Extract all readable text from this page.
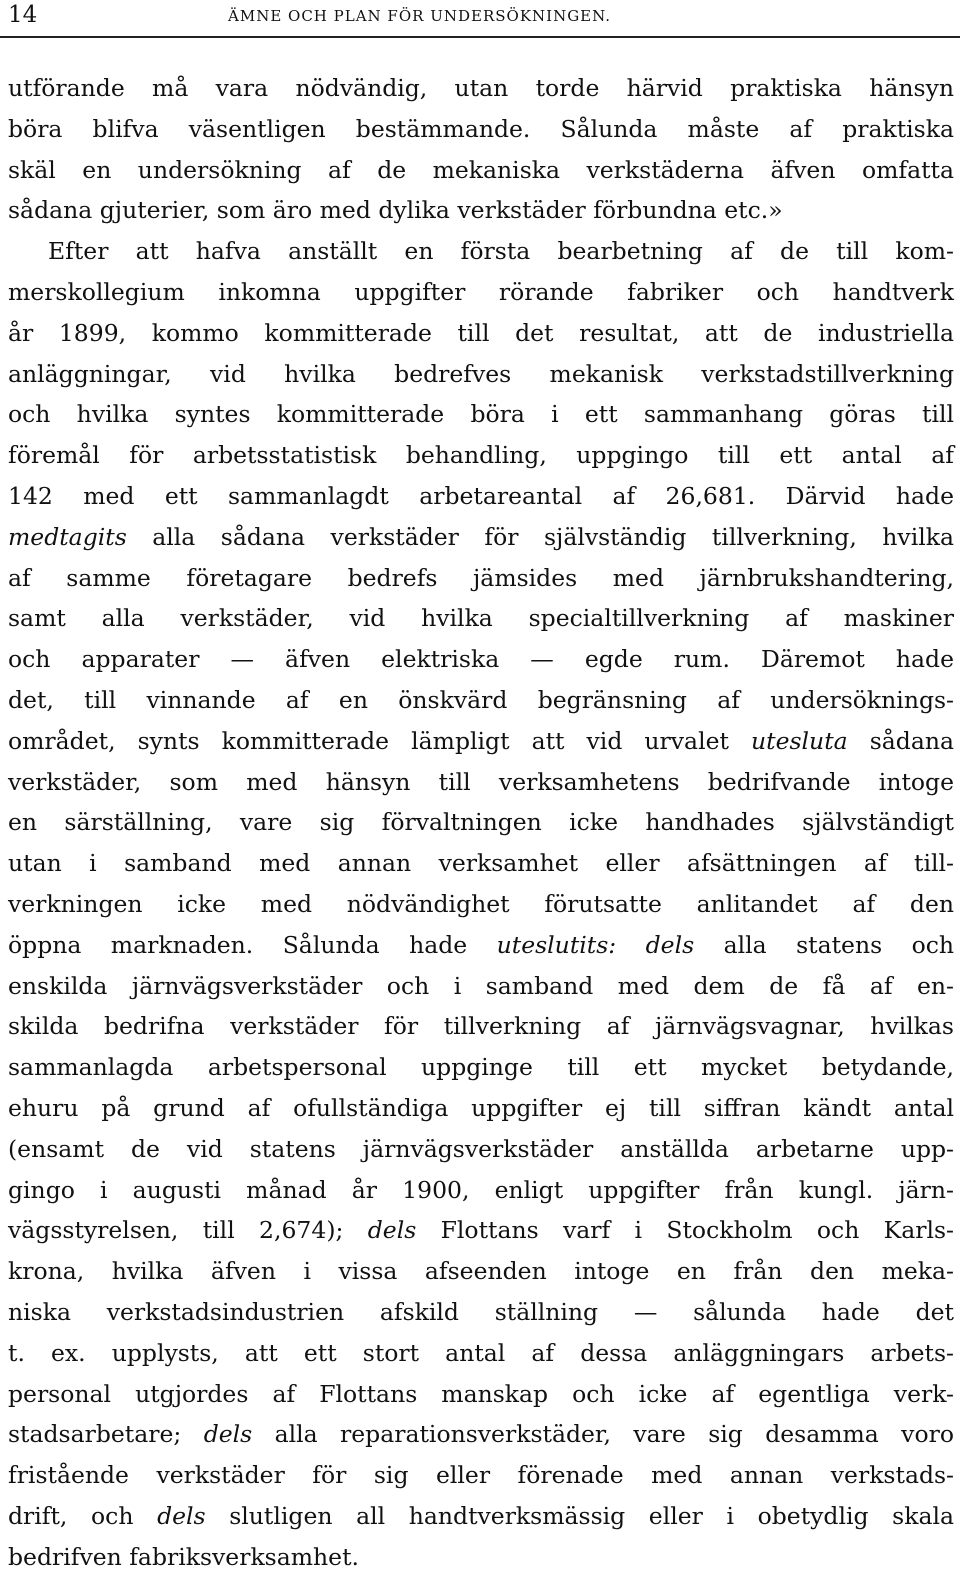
14	ÄMNE OCH PLAN FÖR UNDERSÖKNINGEN.
utförande må vara nödvändig, utan torde härvid praktiska hänsyn
böra blifva väsentligen bestämmande. Sålunda måste af praktiska
skäl en undersökning af de mekaniska verkstäderna äfven omfatta
sådana gjuterier, som äro med dylika verkstäder förbundna etc.»
Efter att hafva anställt en första bearbetning af de till kom-
merskollegium inkomna uppgifter rörande fabriker och handtverk
år 1899, kommo kommitterade till det resultat, att de industriella
anläggningar, vid hvilka bedrefves mekanisk verkstadstillverkning
och hvilka syntes kommitterade böra i ett sammanhang göras till
föremål för arbetsstatistisk behandling, uppgingo till ett antal af
142 med ett sammanlagdt arbetareantal af 26,681. Därvid hade
medtagits alla sådana verkstäder för självständig tillverkning, hvilka
af samme företagare bedrefs jämsides med järnbrukshandtering,
samt alla verkstäder, vid hvilka specialtillverkning af maskiner
och apparater — äfven elektriska — egde rum. Däremot hade
det, till vinnande af en önskvärd begränsning af undersöknings-
området, synts kommitterade lämpligt att vid urvalet utesluta sådana
verkstäder, som med hänsyn till verksamhetens bedrifvande intoge
en särställning, vare sig förvaltningen icke handhades självständigt
utan i samband med annan verksamhet eller afsättningen af till-
verkningen icke med nödvändighet förutsatte anlitandet af den
öppna marknaden. Sålunda hade uteslutits: dels alla statens och
enskilda järnvägsverkstäder och i samband med dem de få af en-
skilda bedrifna verkstäder för tillverkning af järnvägsvagnar, hvilkas
sammanlagda arbetspersonal uppginge till ett mycket betydande,
ehuru på grund af ofullständiga uppgifter ej till siffran kändt antal
(ensamt de vid statens järnvägsverkstäder anställda arbetarne upp-
gingo i augusti månad år 1900, enligt uppgifter från kungl. järn-
vägsstyrelsen, till 2,674); dels Flottans varf i Stockholm och Karls-
krona, hvilka äfven i vissa afseenden intoge en från den meka-
niska verkstadsindustrien afskild ställning — sålunda hade det
t. ex. upplysts, att ett stort antal af dessa anläggningars arbets-
personal utgjordes af Flottans manskap och icke af egentliga verk-
stadsarbetare; dels alla reparationsverkstäder, vare sig desamma voro
fristående verkstäder för sig eller förenade med annan verkstads-
drift, och dels slutligen all handtverksmässig eller i obetydlig skala
bedrifven fabriksverksamhet.
